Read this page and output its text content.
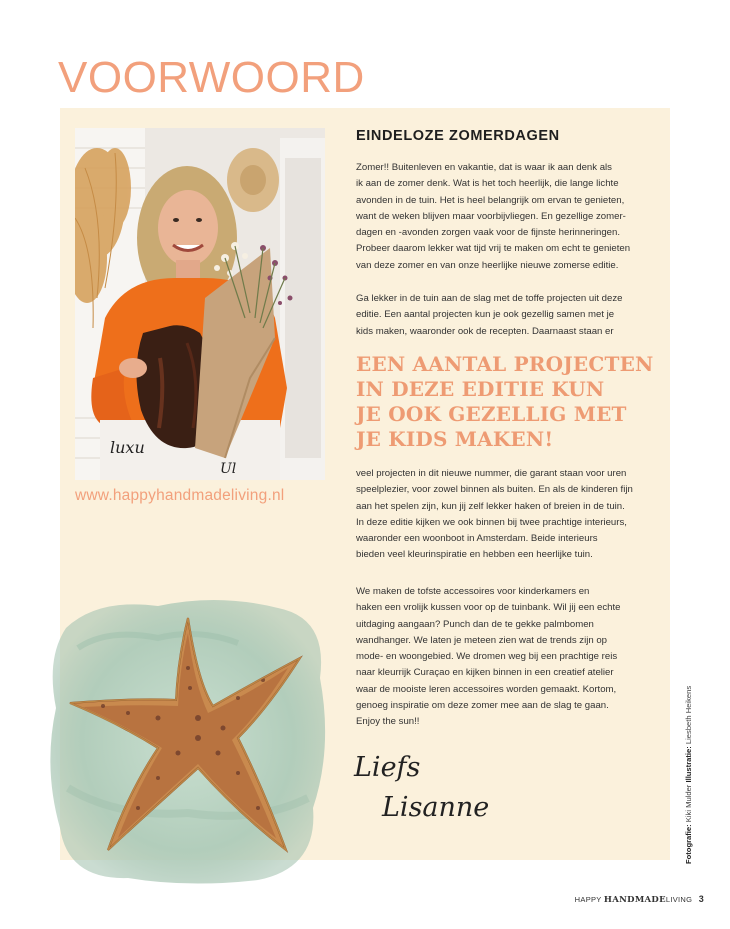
VOORWOORD
luxu
Ul
www.happyhandmadeliving.nl
EINDELOZE ZOMERDAGEN

Zomer!! Buitenleven en vakantie, dat is waar ik aan denk als
ik aan de zomer denk. Wat is het toch heerlijk, die lange lichte
avonden in de tuin. Het is heel belangrijk om ervan te genieten,
want de weken blijven maar voorbijvliegen. En gezellige zomer-
dagen en -avonden zorgen vaak voor de fijnste herinneringen.
Probeer daarom lekker wat tijd vrij te maken om echt te genieten
van deze zomer en van onze heerlijke nieuwe zomerse editie.

Ga lekker in de tuin aan de slag met de toffe projecten uit deze
editie. Een aantal projecten kun je ook gezellig samen met je
kids maken, waaronder ook de recepten. Daarnaast staan er

EEN AANTAL PROJECTEN
IN DEZE EDITIE KUN
JE OOK GEZELLIG MET
JE KIDS MAKEN!

veel projecten in dit nieuwe nummer, die garant staan voor uren
speelplezier, voor zowel binnen als buiten. En als de kinderen fijn
aan het spelen zijn, kun jij zelf lekker haken of breien in de tuin.
In deze editie kijken we ook binnen bij twee prachtige interieurs,
waaronder een woonboot in Amsterdam. Beide interieurs
bieden veel kleurinspiratie en hebben een heerlijke tuin.

We maken de tofste accessoires voor kinderkamers en
haken een vrolijk kussen voor op de tuinbank. Wil jij een echte
uitdaging aangaan? Punch dan de te gekke palmbomen
wandhanger. We laten je meteen zien wat de trends zijn op
mode- en woongebied. We dromen weg bij een prachtige reis
naar kleurrijk Curaçao en kijken binnen in een creatief atelier
waar de mooiste leren accessoires worden gemaakt. Kortom,
genoeg inspiratie om deze zomer mee aan de slag te gaan.
Enjoy the sun!!

Liefs
Lisanne
Fotografie: Kiki Mulder Illustratie: Liesbeth Heikens
HAPPY HANDMADELIVING 3
